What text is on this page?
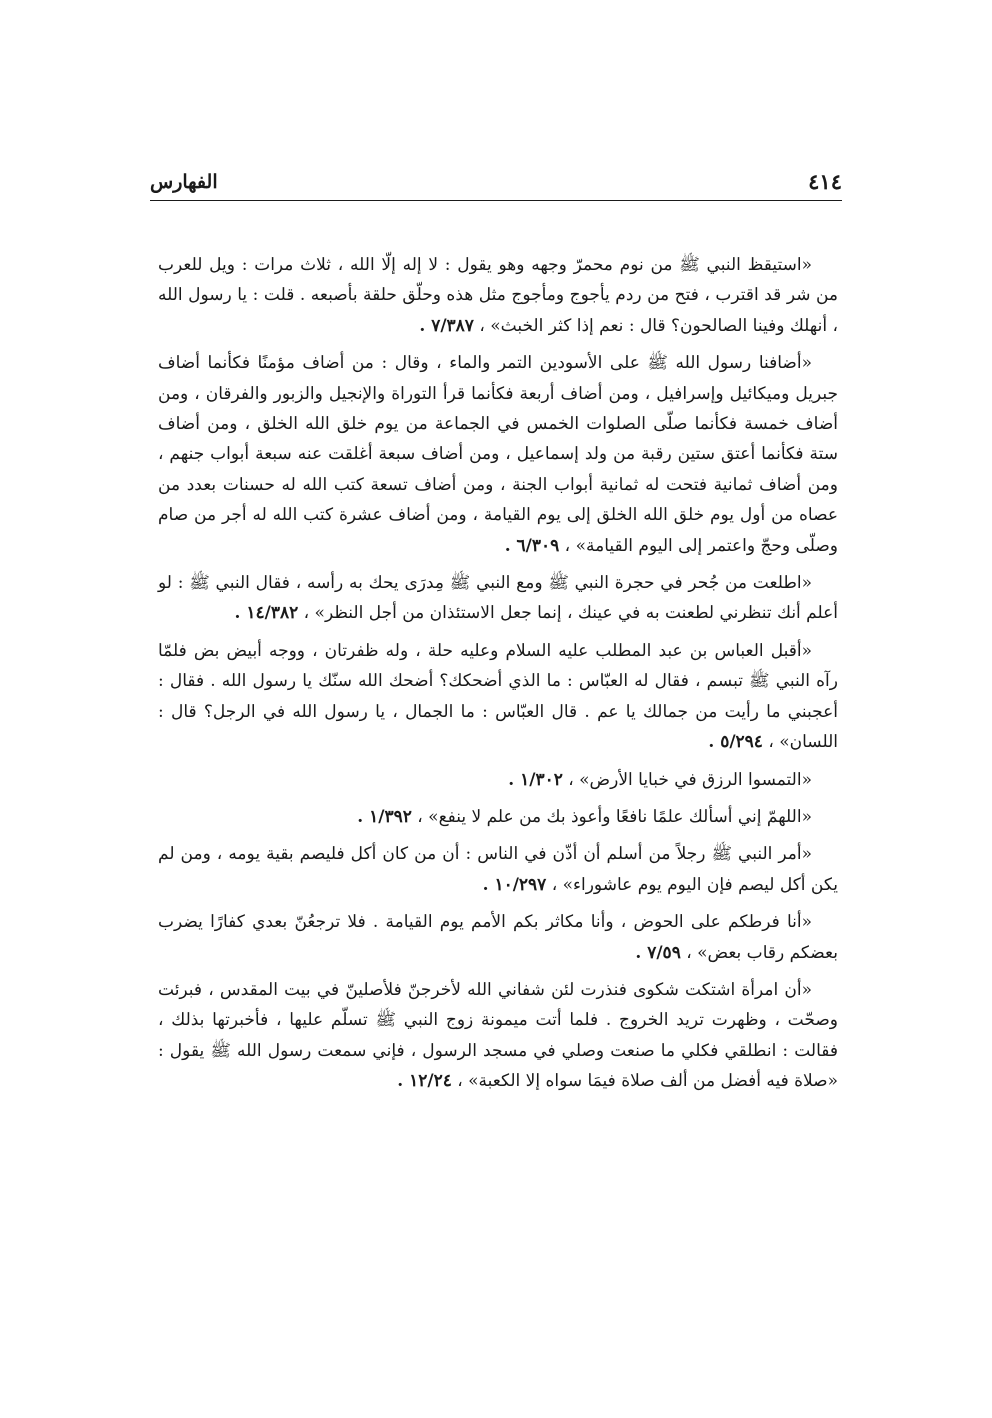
٤١٤
الفهارس

«استيقظ النبي ﷺ من نوم محمرّ وجهه وهو يقول : لا إله إلّا الله ، ثلاث مرات : ويل للعرب من شر قد اقترب ، فتح من ردم يأجوج ومأجوج مثل هذه وحلّق حلقة بأصبعه . قلت : يا رسول الله ، أنهلك وفينا الصالحون؟ قال : نعم إذا كثر الخبث» ، ٧/٣٨٧ .

«أضافنا رسول الله ﷺ على الأسودين التمر والماء ، وقال : من أضاف مؤمنًا فكأنما أضاف جبريل وميكائيل وإسرافيل ، ومن أضاف أربعة فكأنما قرأ التوراة والإنجيل والزبور والفرقان ، ومن أضاف خمسة فكأنما صلّى الصلوات الخمس في الجماعة من يوم خلق الله الخلق ، ومن أضاف ستة فكأنما أعتق ستين رقبة من ولد إسماعيل ، ومن أضاف سبعة أغلقت عنه سبعة أبواب جنهم ، ومن أضاف ثمانية فتحت له ثمانية أبواب الجنة ، ومن أضاف تسعة كتب الله له حسنات بعدد من عصاه من أول يوم خلق الله الخلق إلى يوم القيامة ، ومن أضاف عشرة كتب الله له أجر من صام وصلّى وحجّ واعتمر إلى اليوم القيامة» ، ٦/٣٠٩ .

«اطلعت من جُحر في حجرة النبي ﷺ ومع النبي ﷺ مِدرَى يحك به رأسه ، فقال النبي ﷺ : لو أعلم أنك تنظرني لطعنت به في عينك ، إنما جعل الاستئذان من أجل النظر» ، ١٤/٣٨٢ .

«أقبل العباس بن عبد المطلب عليه السلام وعليه حلة ، وله ظفرتان ، ووجه أبيض بض فلمّا رآه النبي ﷺ تبسم ، فقال له العبّاس : ما الذي أضحكك؟ أضحك الله سنّك يا رسول الله . فقال : أعجبني ما رأيت من جمالك يا عم . قال العبّاس : ما الجمال ، يا رسول الله في الرجل؟ قال : اللسان» ، ٥/٢٩٤ .

«التمسوا الرزق في خبايا الأرض» ، ١/٣٠٢ .

«اللهمّ إني أسألك علمًا نافعًا وأعوذ بك من علم لا ينفع» ، ١/٣٩٢ .

«أمر النبي ﷺ رجلاً من أسلم أن أذّن في الناس : أن من كان أكل فليصم بقية يومه ، ومن لم يكن أكل ليصم فإن اليوم يوم عاشوراء» ، ١٠/٢٩٧ .

«أنا فرطكم على الحوض ، وأنا مكاثر بكم الأمم يوم القيامة . فلا ترجعُنّ بعدي كفارًا يضرب بعضكم رقاب بعض» ، ٧/٥٩ .

«أن امرأة اشتكت شكوى فنذرت لئن شفاني الله لأخرجنّ فلأصلينّ في بيت المقدس ، فبرئت وصحّت ، وظهرت تريد الخروج . فلما أتت ميمونة زوج النبي ﷺ تسلّم عليها ، فأخبرتها بذلك ، فقالت : انطلقي فكلي ما صنعت وصلي في مسجد الرسول ، فإني سمعت رسول الله ﷺ يقول : «صلاة فيه أفضل من ألف صلاة فيمَا سواه إلا الكعبة» ، ١٢/٢٤ .
